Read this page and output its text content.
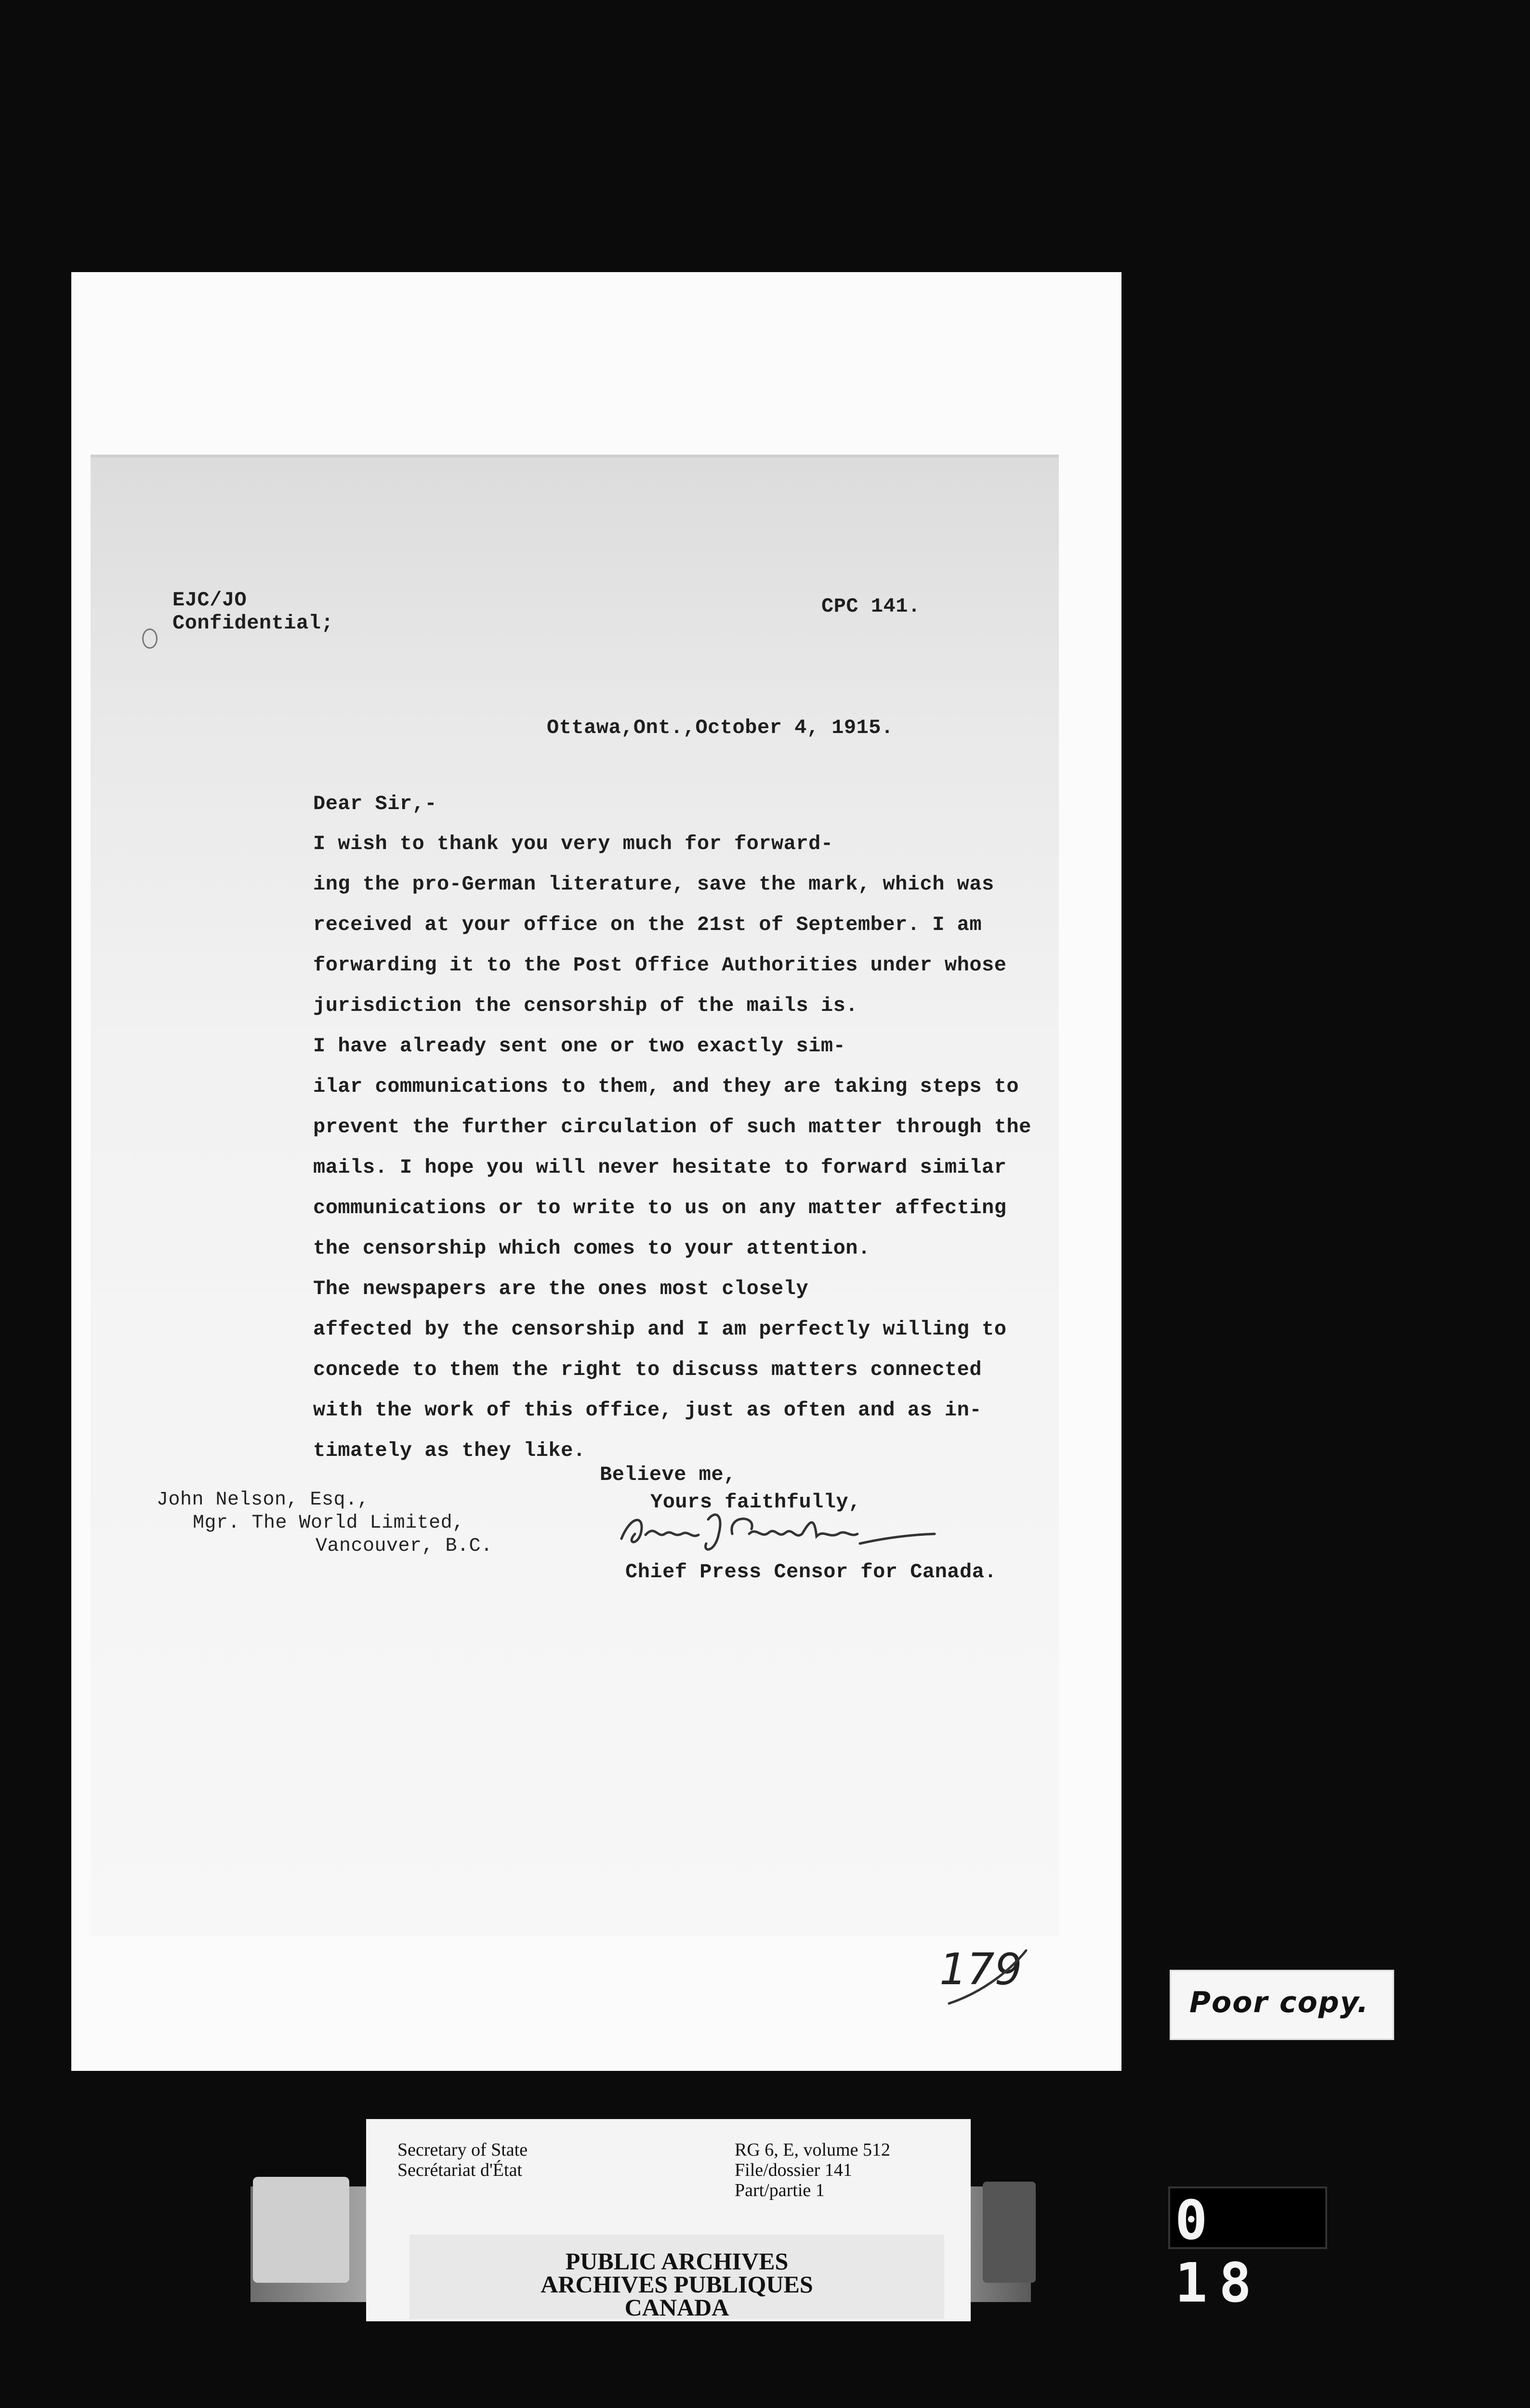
EJC/JO
Confidential;
CPC 141.
Ottawa,Ont.,October 4, 1915.
Dear Sir,-
I wish to thank you very much for forward-
ing the pro-German literature, save the mark, which was
received at your office on the 21st of September. I am
forwarding it to the Post Office Authorities under whose
jurisdiction the censorship of the mails is.
I have already sent one or two exactly sim-
ilar communications to them, and they are taking steps to
prevent the further circulation of such matter through the
mails. I hope you will never hesitate to forward similar
communications or to write to us on any matter affecting
the censorship which comes to your attention.
The newspapers are the ones most closely
affected by the censorship and I am perfectly willing to
concede to them the right to discuss matters connected
with the work of this office, just as often and as in-
timately as they like.
Believe me,
Yours faithfully,
Chief Press Censor for Canada.
John Nelson, Esq.,
Mgr. The World Limited,
Vancouver, B.C.
179
Poor copy.
Secretary of State
Secrétariat d'État
RG 6, E, volume 512
File/dossier 141
Part/partie 1
PUBLIC ARCHIVES
ARCHIVES PUBLIQUES
CANADA
0 18
